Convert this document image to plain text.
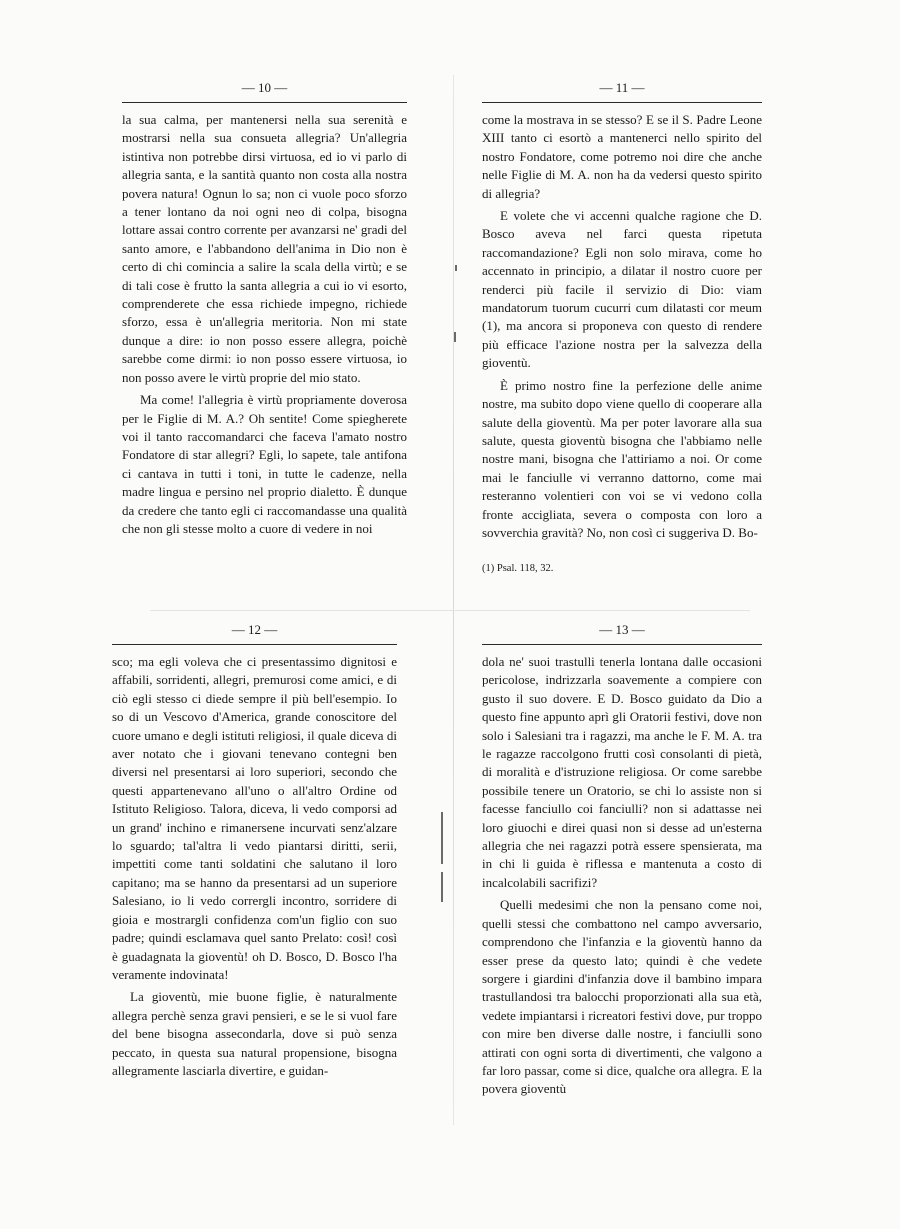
— 10 —

la sua calma, per mantenersi nella sua serenità e mostrarsi nella sua consueta allegria? Un'allegria istintiva non potrebbe dirsi virtuosa, ed io vi parlo di allegria santa, e la santità quanto non costa alla nostra povera natura! Ognun lo sa; non ci vuole poco sforzo a tener lontano da noi ogni neo di colpa, bisogna lottare assai contro corrente per avanzarsi ne' gradi del santo amore, e l'abbandono dell'anima in Dio non è certo di chi comincia a salire la scala della virtù; e se di tali cose è frutto la santa allegria a cui io vi esorto, comprenderete che essa richiede impegno, richiede sforzo, essa è un'allegria meritoria. Non mi state dunque a dire: io non posso essere allegra, poichè sarebbe come dirmi: io non posso essere virtuosa, io non posso avere le virtù proprie del mio stato.

Ma come! l'allegria è virtù propriamente doverosa per le Figlie di M. A.? Oh sentite! Come spiegherete voi il tanto raccomandarci che faceva l'amato nostro Fondatore di star allegri? Egli, lo sapete, tale antifona ci cantava in tutti i toni, in tutte le cadenze, nella madre lingua e persino nel proprio dialetto. È dunque da credere che tanto egli ci raccomandasse una qualità che non gli stesse molto a cuore di vedere in noi

— 11 —

come la mostrava in se stesso? E se il S. Padre Leone XIII tanto ci esortò a mantenerci nello spirito del nostro Fondatore, come potremo noi dire che anche nelle Figlie di M. A. non ha da vedersi questo spirito di allegria?

E volete che vi accenni qualche ragione che D. Bosco aveva nel farci questa ripetuta raccomandazione? Egli non solo mirava, come ho accennato in principio, a dilatar il nostro cuore per renderci più facile il servizio di Dio: viam mandatorum tuorum cucurri cum dilatasti cor meum (1), ma ancora si proponeva con questo di rendere più efficace l'azione nostra per la salvezza della gioventù.

È primo nostro fine la perfezione delle anime nostre, ma subito dopo viene quello di cooperare alla salute della gioventù. Ma per poter lavorare alla sua salute, questa gioventù bisogna che l'abbiamo nelle nostre mani, bisogna che l'attiriamo a noi. Or come mai le fanciulle vi verranno dattorno, come mai resteranno volentieri con voi se vi vedono colla fronte accigliata, severa o composta con loro a sovverchia gravità? No, non così ci suggeriva D. Bo-

(1) Psal. 118, 32.
— 12 —

sco; ma egli voleva che ci presentassimo dignitosi e affabili, sorridenti, allegri, premurosi come amici, e di ciò egli stesso ci diede sempre il più bell'esempio. Io so di un Vescovo d'America, grande conoscitore del cuore umano e degli istituti religiosi, il quale diceva di aver notato che i giovani tenevano contegni ben diversi nel presentarsi ai loro superiori, secondo che questi appartenevano all'uno o all'altro Ordine od Istituto Religioso. Talora, diceva, li vedo comporsi ad un grand' inchino e rimanersene incurvati senz'alzare lo sguardo; tal'altra li vedo piantarsi diritti, serii, impettiti come tanti soldatini che salutano il loro capitano; ma se hanno da presentarsi ad un superiore Salesiano, io li vedo corrergli incontro, sorridere di gioia e mostrargli confidenza com'un figlio con suo padre; quindi esclamava quel santo Prelato: così! così è guadagnata la gioventù! oh D. Bosco, D. Bosco l'ha veramente indovinata!

La gioventù, mie buone figlie, è naturalmente allegra perchè senza gravi pensieri, e se le si vuol fare del bene bisogna assecondarla, dove si può senza peccato, in questa sua natural propensione, bisogna allegramente lasciarla divertire, e guidan-

— 13 —

dola ne' suoi trastulli tenerla lontana dalle occasioni pericolose, indrizzarla soavemente a compiere con gusto il suo dovere. E D. Bosco guidato da Dio a questo fine appunto aprì gli Oratorii festivi, dove non solo i Salesiani tra i ragazzi, ma anche le F. M. A. tra le ragazze raccolgono frutti così consolanti di pietà, di moralità e d'istruzione religiosa. Or come sarebbe possibile tenere un Oratorio, se chi lo assiste non si facesse fanciullo coi fanciulli? non si adattasse nei loro giuochi e direi quasi non si desse ad un'esterna allegria che nei ragazzi potrà essere spensierata, ma in chi li guida è riflessa e mantenuta a costo di incalcolabili sacrifizi?

Quelli medesimi che non la pensano come noi, quelli stessi che combattono nel campo avversario, comprendono che l'infanzia e la gioventù hanno da esser prese da questo lato; quindi è che vedete sorgere i giardini d'infanzia dove il bambino impara trastullandosi tra balocchi proporzionati alla sua età, vedete impiantarsi i ricreatori festivi dove, pur troppo con mire ben diverse dalle nostre, i fanciulli sono attirati con ogni sorta di divertimenti, che valgono a far loro passar, come si dice, qualche ora allegra. E la povera gioventù
